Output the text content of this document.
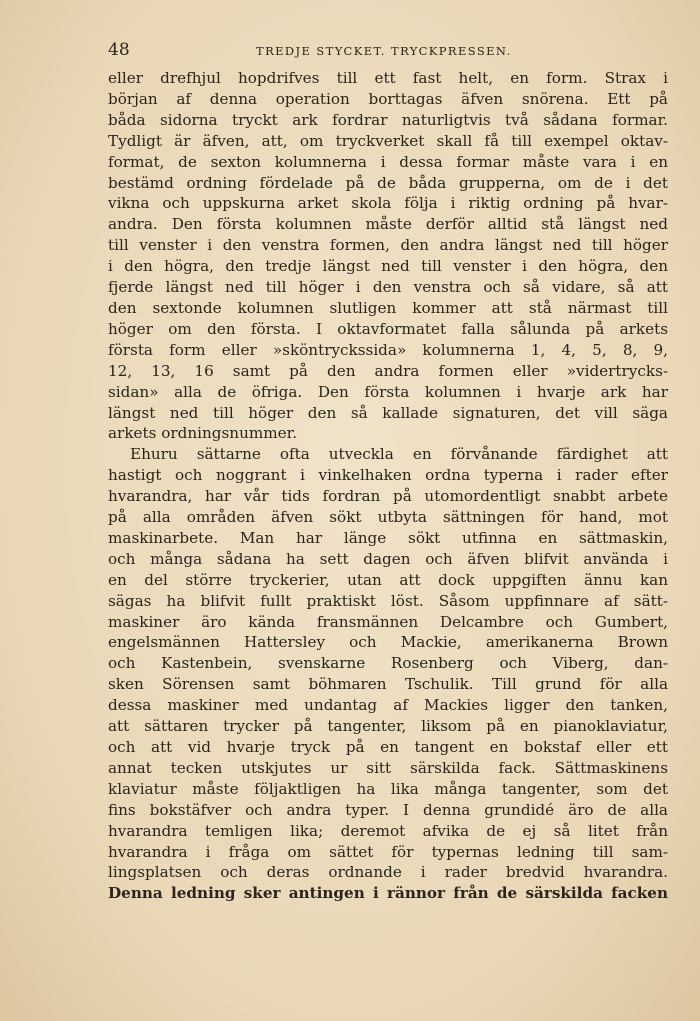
48	TREDJE STYCKET. TRYCKPRESSEN.
eller drefhjul hopdrifves till ett fast helt, en form. Strax i
början af denna operation borttagas äfven snörena. Ett på
båda sidorna tryckt ark fordrar naturligtvis två sådana formar.
Tydligt är äfven, att, om tryckverket skall få till exempel oktav-
format, de sexton kolumnerna i dessa formar måste vara i en
bestämd ordning fördelade på de båda grupperna, om de i det
vikna och uppskurna arket skola följa i riktig ordning på hvar-
andra. Den första kolumnen måste derför alltid stå längst ned
till venster i den venstra formen, den andra längst ned till höger
i den högra, den tredje längst ned till venster i den högra, den
fjerde längst ned till höger i den venstra och så vidare, så att
den sextonde kolumnen slutligen kommer att stå närmast till
höger om den första. I oktavformatet falla sålunda på arkets
första form eller »sköntryckssida» kolumnerna 1, 4, 5, 8, 9,
12, 13, 16 samt på den andra formen eller »vidertrycks-
sidan» alla de öfriga. Den första kolumnen i hvarje ark har
längst ned till höger den så kallade signaturen, det vill säga
arkets ordningsnummer.
Ehuru sättarne ofta utveckla en förvånande färdighet att
hastigt och noggrant i vinkelhaken ordna typerna i rader efter
hvarandra, har vår tids fordran på utomordentligt snabbt arbete
på alla områden äfven sökt utbyta sättningen för hand, mot
maskinarbete. Man har länge sökt utfinna en sättmaskin,
och många sådana ha sett dagen och äfven blifvit använda i
en del större tryckerier, utan att dock uppgiften ännu kan
sägas ha blifvit fullt praktiskt löst. Såsom uppfinnare af sätt-
maskiner äro kända fransmännen Delcambre och Gumbert,
engelsmännen Hattersley och Mackie, amerikanerna Brown
och Kastenbein, svenskarne Rosenberg och Viberg, dan-
sken Sörensen samt böhmaren Tschulik. Till grund för alla
dessa maskiner med undantag af Mackies ligger den tanken,
att sättaren trycker på tangenter, liksom på en pianoklaviatur,
och att vid hvarje tryck på en tangent en bokstaf eller ett
annat tecken utskjutes ur sitt särskilda fack. Sättmaskinens
klaviatur måste följaktligen ha lika många tangenter, som det
fins bokstäfver och andra typer. I denna grundidé äro de alla
hvarandra temligen lika; deremot afvika de ej så litet från
hvarandra i fråga om sättet för typernas ledning till sam-
lingsplatsen och deras ordnande i rader bredvid hvarandra.
Denna ledning sker antingen i rännor från de särskilda facken
